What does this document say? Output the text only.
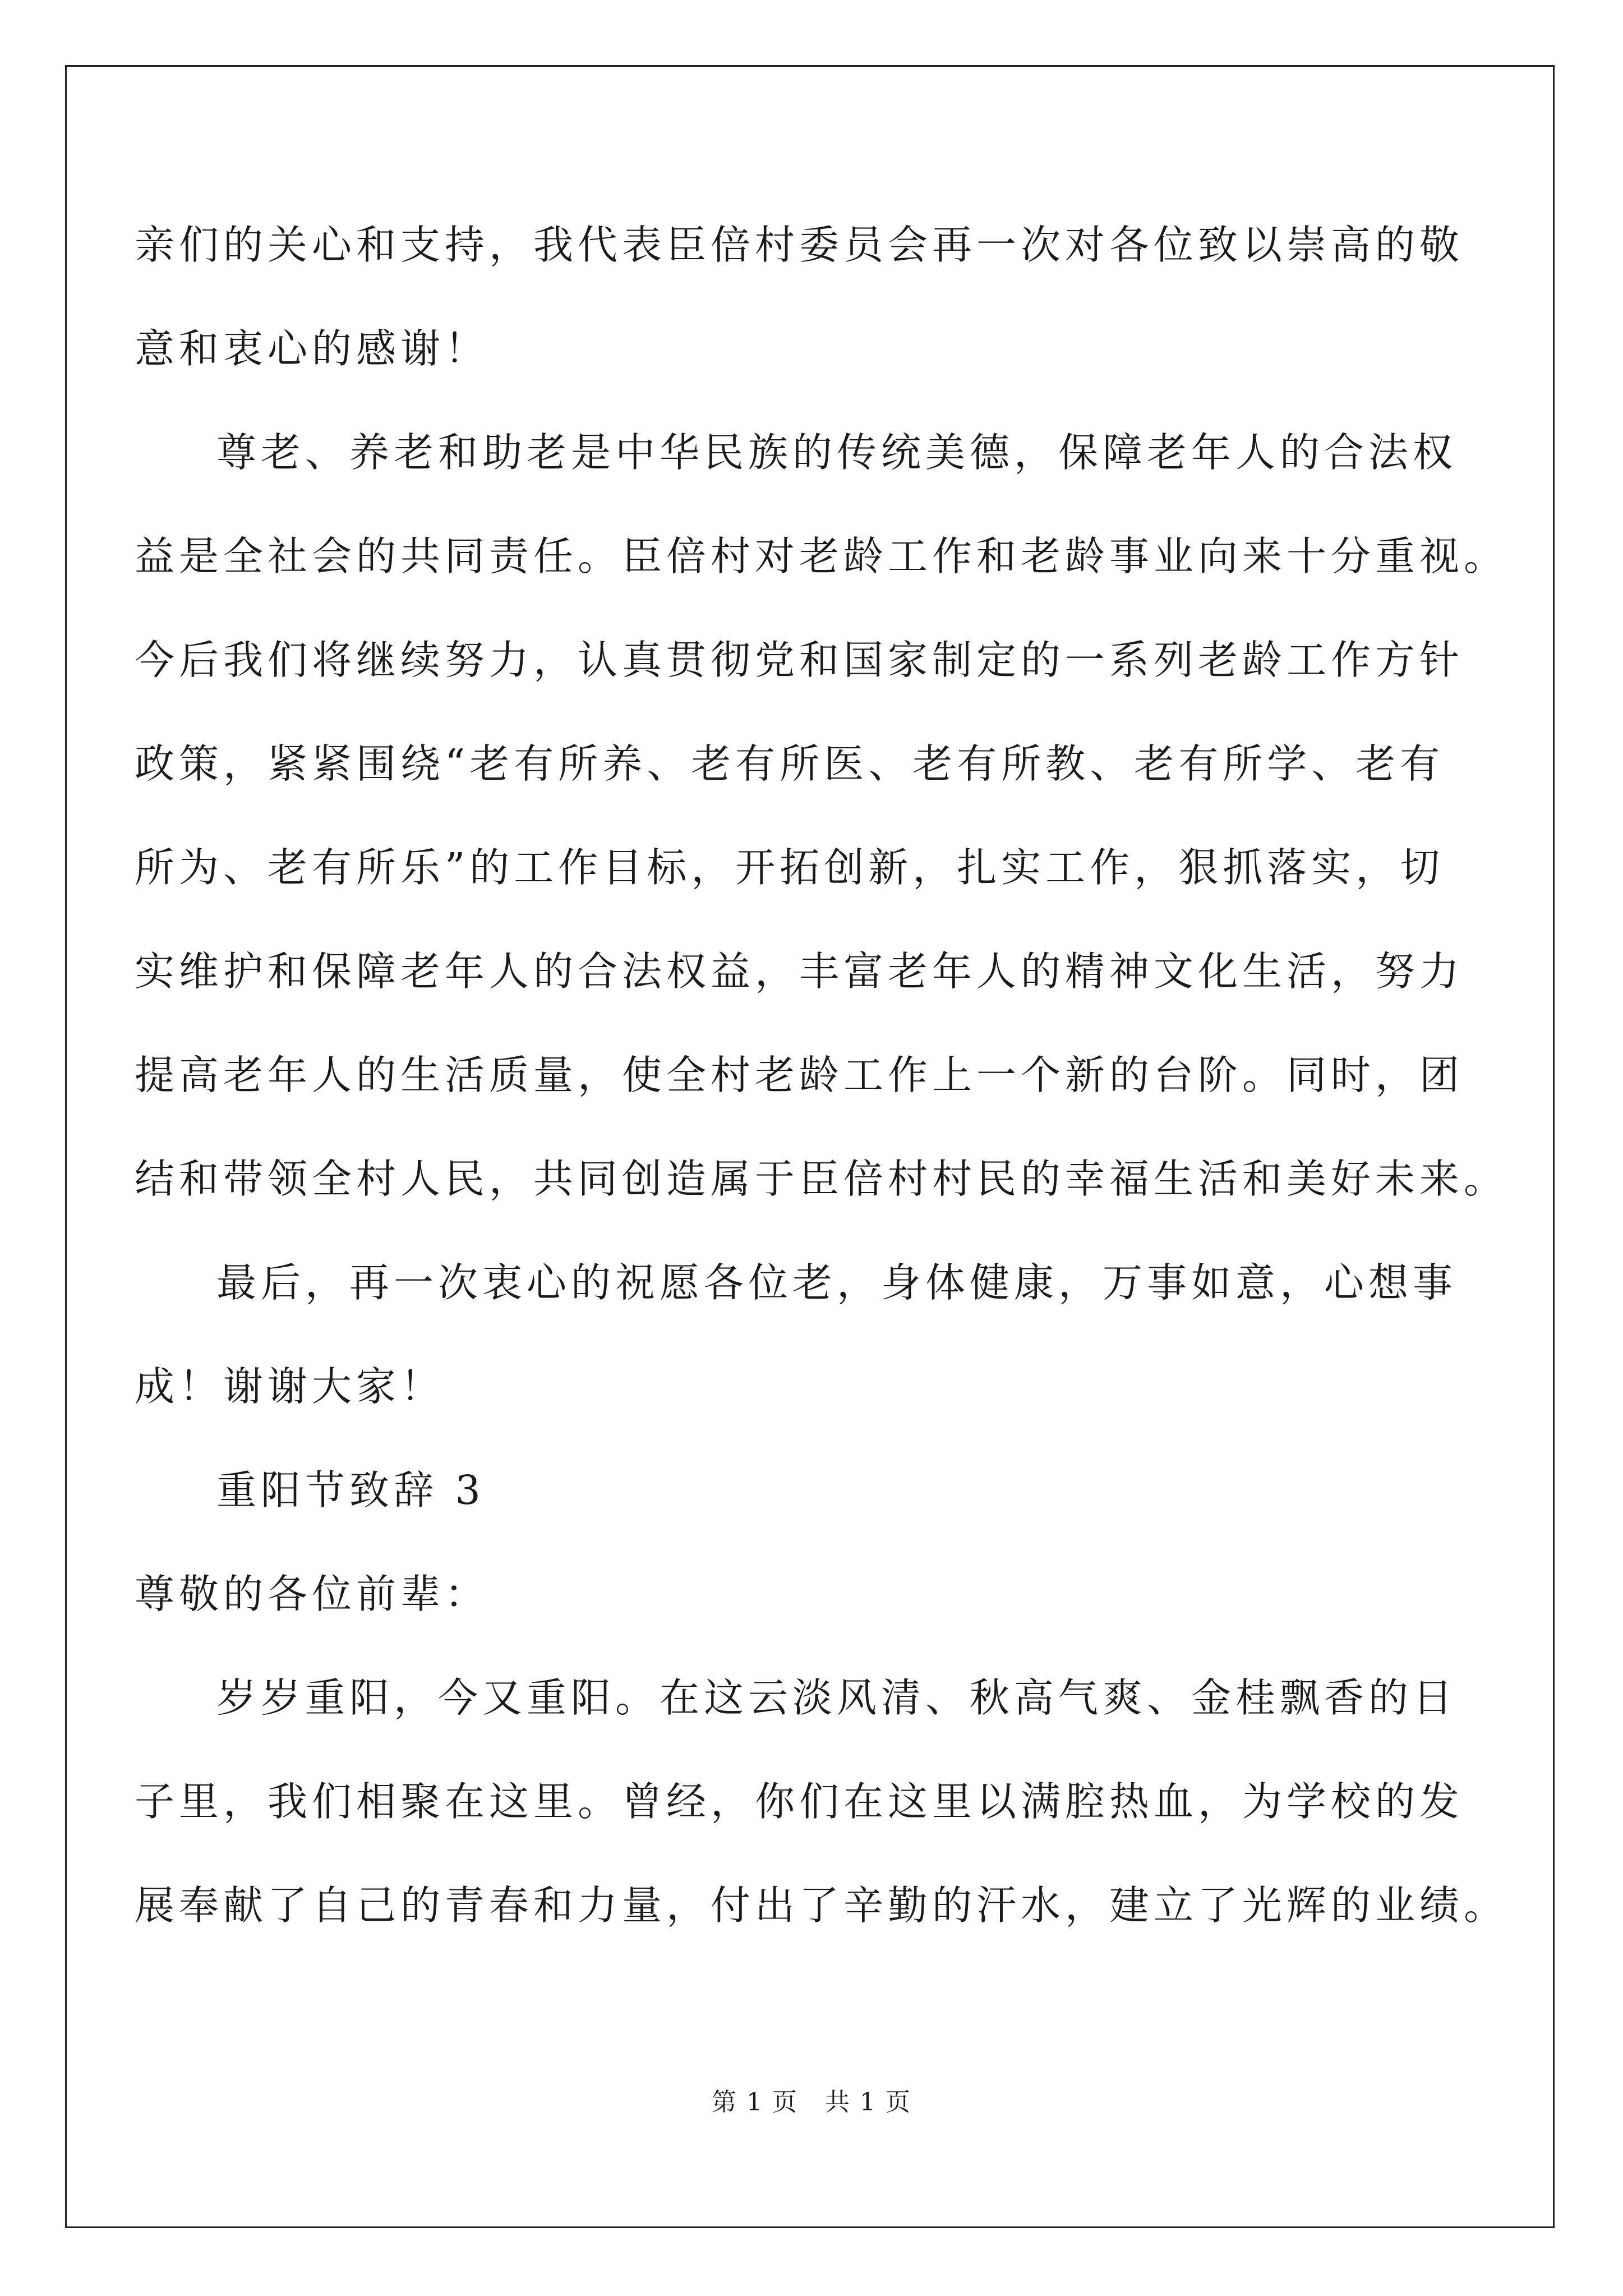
亲们的关心和支持，我代表臣倍村委员会再一次对各位致以崇高的敬
意和衷心的感谢！
尊老、养老和助老是中华民族的传统美德，保障老年人的合法权
益是全社会的共同责任。臣倍村对老龄工作和老龄事业向来十分重视。
今后我们将继续努力，认真贯彻党和国家制定的一系列老龄工作方针
政策，紧紧围绕“老有所养、老有所医、老有所教、老有所学、老有
所为、老有所乐”的工作目标，开拓创新，扎实工作，狠抓落实，切
实维护和保障老年人的合法权益，丰富老年人的精神文化生活，努力
提高老年人的生活质量，使全村老龄工作上一个新的台阶。同时，团
结和带领全村人民，共同创造属于臣倍村村民的幸福生活和美好未来。
最后，再一次衷心的祝愿各位老，身体健康，万事如意，心想事
成！谢谢大家！
重阳节致辞 3
尊敬的各位前辈：
岁岁重阳，今又重阳。在这云淡风清、秋高气爽、金桂飘香的日
子里，我们相聚在这里。曾经，你们在这里以满腔热血，为学校的发
展奉献了自己的青春和力量，付出了辛勤的汗水，建立了光辉的业绩。
第 1 页 共 1 页
